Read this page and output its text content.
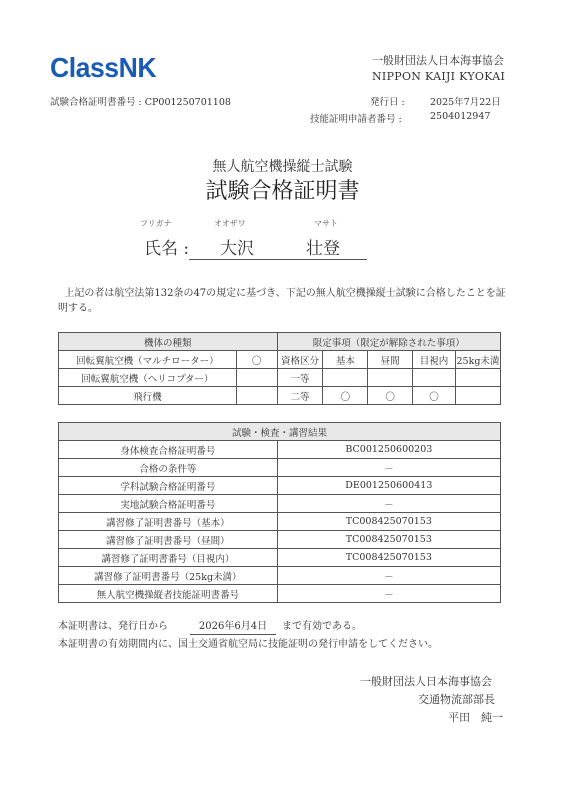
ClassNK	一般財団法人日本海事協会
NIPPON KAIJI KYOKAI
試験合格証明書番号 : CP001250701108	発行日 :	2025年7月22日
技能証明申請者番号 :	2504012947
無人航空機操縦士試験
試験合格証明書
フリガナ	オオザワ	マサト
氏名 : 大沢	壮登
上記の者は航空法第132条の47の規定に基づき、下記の無人航空機操縦士試験に合格したことを証明する。
機体の種類		限定事項（限定が解除された事項）				
回転翼航空機（マルチローター）	〇	資格区分	基本	昼間	目視内	25kg未満
回転翼航空機（ヘリコプター）		一等				
飛行機		二等	〇	〇	〇	
試験・検査・講習結果	
身体検査合格証明番号	BC001250600203
合格の条件等	－
学科試験合格証明番号	DE001250600413
実地試験合格証明番号	－
講習修了証明書番号（基本）	TC008425070153
講習修了証明書番号（昼間）	TC008425070153
講習修了証明書番号（目視内）	TC008425070153
講習修了証明書番号（25kg未満）	－
無人航空機操縦者技能証明書番号	－
本証明書は、発行日から	2026年6月4日	まで有効である。
本証明書の有効期間内に、国土交通省航空局に技能証明の発行申請をしてください。
一般財団法人日本海事協会
交通物流部部長
平田　純一
